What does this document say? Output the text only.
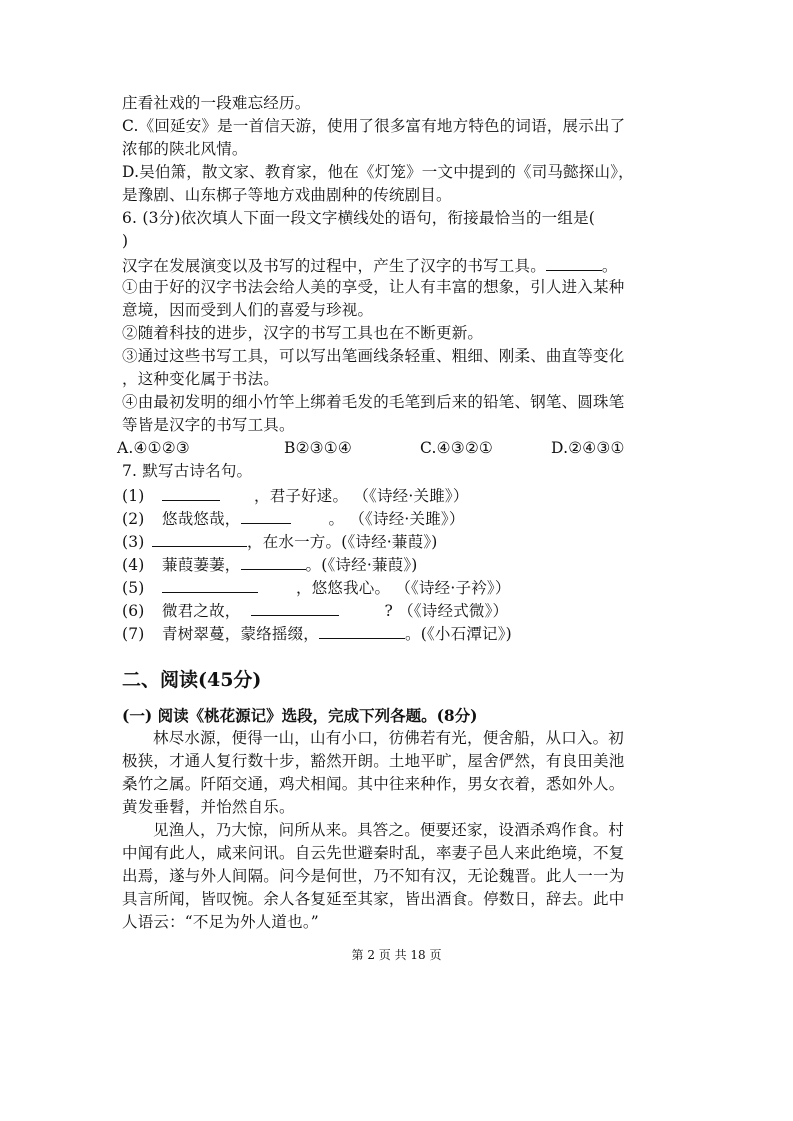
庄看社戏的一段难忘经历。
C.《回延安》是一首信天游，使用了很多富有地方特色的词语，展示出了
浓郁的陕北风情。
D.吴伯箫，散文家、教育家，他在《灯笼》一文中提到的《司马懿探山》，
是豫剧、山东梆子等地方戏曲剧种的传统剧目。
6. (3分)依次填人下面一段文字横线处的语句，衔接最恰当的一组是(
)
汉字在发展演变以及书写的过程中，产生了汉字的书写工具。	。
①由于好的汉字书法会给人美的享受，让人有丰富的想象，引人进入某种
意境，因而受到人们的喜爱与珍视。
②随着科技的进步，汉字的书写工具也在不断更新。
③通过这些书写工具，可以写出笔画线条轻重、粗细、刚柔、曲直等变化
，这种变化属于书法。
④由最初发明的细小竹竿上绑着毛发的毛笔到后来的铅笔、钢笔、圆珠笔
等皆是汉字的书写工具。
A.④①②③	B②③①④	C.④③②①	D.②④③①
7. 默写古诗名句。
(1)	，君子好逑。 （《诗经·关雎》）
(2)	悠哉悠哉，	。 （《诗经·关雎》）
(3)	，在水一方。(《诗经·蒹葭》)
(4)	蒹葭萋萋，	。(《诗经·蒹葭》)
(5)	，悠悠我心。 （《诗经·子衿》）
(6)	微君之故，	? （《诗经式微》）
(7)	青树翠蔓，蒙络摇缀，	。(《小石潭记》)
二、阅读(45分)
(一) 阅读《桃花源记》选段，完成下列各题。(8分)
林尽水源，便得一山，山有小口，彷佛若有光，便舍船，从口入。初
极狭，才通人复行数十步，豁然开朗。土地平旷，屋舍俨然，有良田美池
桑竹之属。阡陌交通，鸡犬相闻。其中往来种作，男女衣着，悉如外人。
黄发垂髫，并怡然自乐。
见渔人，乃大惊，问所从来。具答之。便要还家，设酒杀鸡作食。村
中闻有此人，咸来问讯。自云先世避秦时乱，率妻子邑人来此绝境，不复
出焉，遂与外人间隔。问今是何世，乃不知有汉，无论魏晋。此人一一为
具言所闻，皆叹惋。余人各复延至其家，皆出酒食。停数日，辞去。此中
人语云：“不足为外人道也。”
第 2 页 共 18 页
